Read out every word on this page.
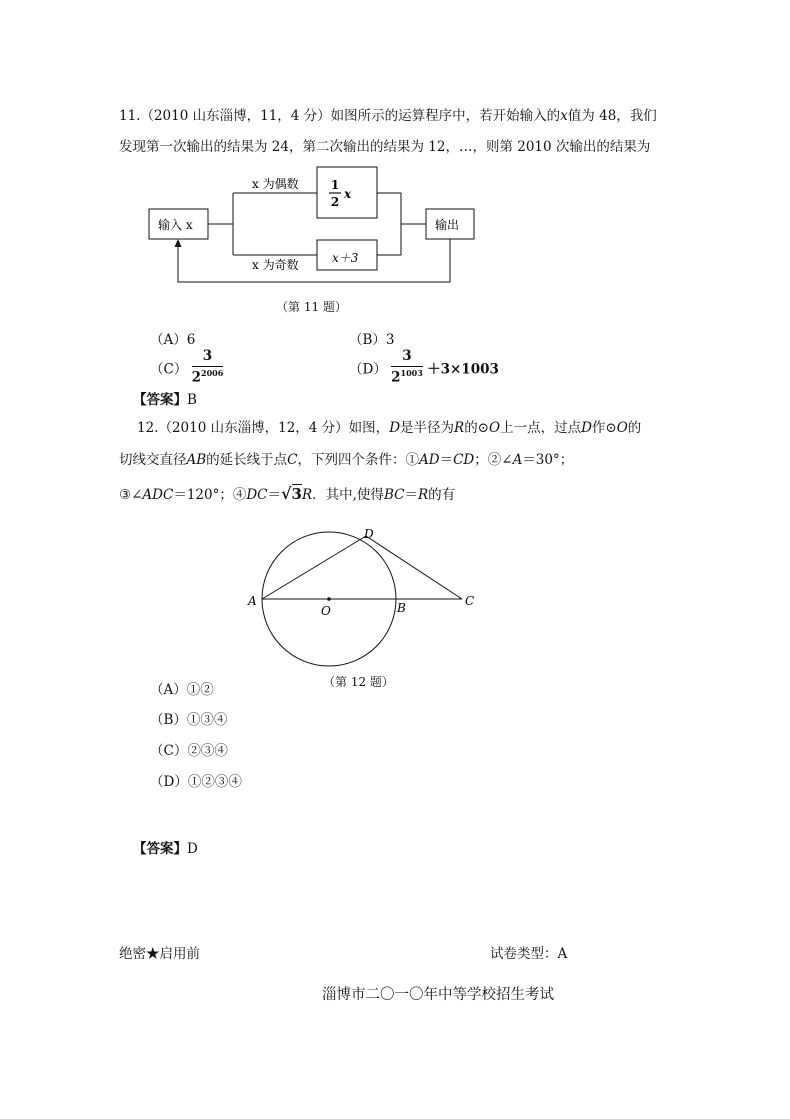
11.（2010 山东淄博，11，4 分）如图所示的运算程序中，若开始输入的x值为 48，我们
发现第一次输出的结果为 24，第二次输出的结果为 12，…，则第 2010 次输出的结果为
输入 x	输出
x 为偶数
x 为奇数	x＋3
1
2
x
（第 11 题）
（A）6	（B）3
$(C) \frac{3}{2^{2006}}$	$(D) \frac{3}{2^{1003}} +3\times 1003$
【答案】B
12.（2010 山东淄博，12，4 分）如图，D是半径为R的⊙O上一点，过点D作⊙O的
切线交直径AB的延长线于点C，下列四个条件：①AD＝CD；②∠A＝30°；
③∠ADC＝120°；④DC＝√3R．其中,使得BC＝R的有
A	B	C
D
O
（第 12 题）
（A）①②
（B）①③④
（C）②③④
（D）①②③④
【答案】D
绝密★启用前	试卷类型：A
淄博市二〇一〇年中等学校招生考试
